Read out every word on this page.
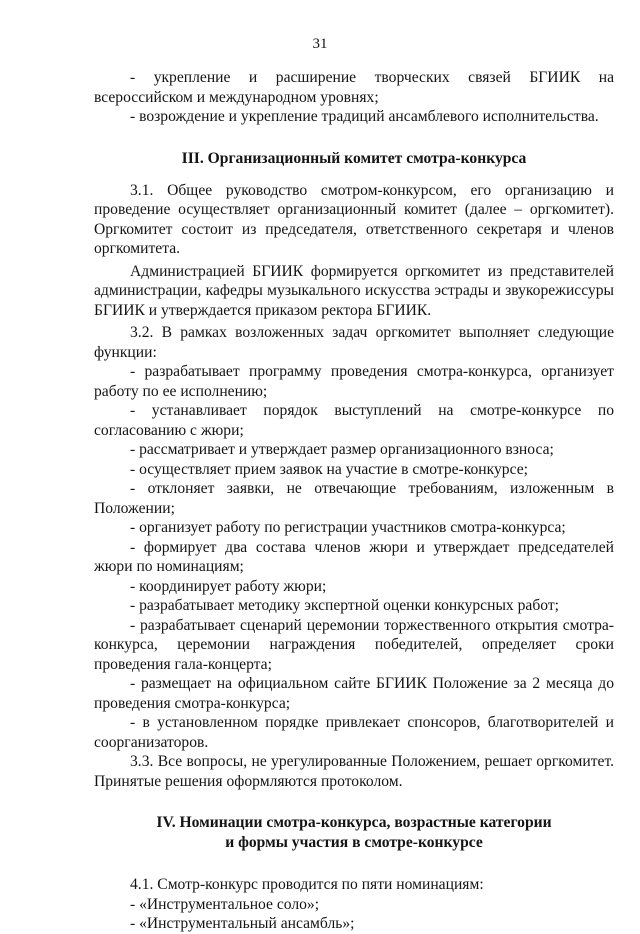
31

- укрепление и расширение творческих связей БГИИК на всероссийском и международном уровнях;

- возрождение и укрепление традиций ансамблевого исполнительства.

III. Организационный комитет смотра-конкурса

3.1. Общее руководство смотром-конкурсом, его организацию и проведение осуществляет организационный комитет (далее – оргкомитет). Оргкомитет состоит из председателя, ответственного секретаря и членов оргкомитета.

Администрацией БГИИК формируется оргкомитет из представителей администрации, кафедры музыкального искусства эстрады и звукорежиссуры БГИИК и утверждается приказом ректора БГИИК.

3.2. В рамках возложенных задач оргкомитет выполняет следующие функции:

- разрабатывает программу проведения смотра-конкурса, организует работу по ее исполнению;

- устанавливает порядок выступлений на смотре-конкурсе по согласованию с жюри;

- рассматривает и утверждает размер организационного взноса;

- осуществляет прием заявок на участие в смотре-конкурсе;

- отклоняет заявки, не отвечающие требованиям, изложенным в Положении;

- организует работу по регистрации участников смотра-конкурса;

- формирует два состава членов жюри и утверждает председателей жюри по номинациям;

- координирует работу жюри;

- разрабатывает методику экспертной оценки конкурсных работ;

- разрабатывает сценарий церемонии торжественного открытия смотра-конкурса, церемонии награждения победителей, определяет сроки проведения гала-концерта;

- размещает на официальном сайте БГИИК Положение за 2 месяца до проведения смотра-конкурса;

- в установленном порядке привлекает спонсоров, благотворителей и соорганизаторов.

3.3. Все вопросы, не урегулированные Положением, решает оргкомитет. Принятые решения оформляются протоколом.

IV. Номинации смотра-конкурса, возрастные категории

и формы участия в смотре-конкурсе

4.1. Смотр-конкурс проводится по пяти номинациям:

- «Инструментальное соло»;

- «Инструментальный ансамбль»;
